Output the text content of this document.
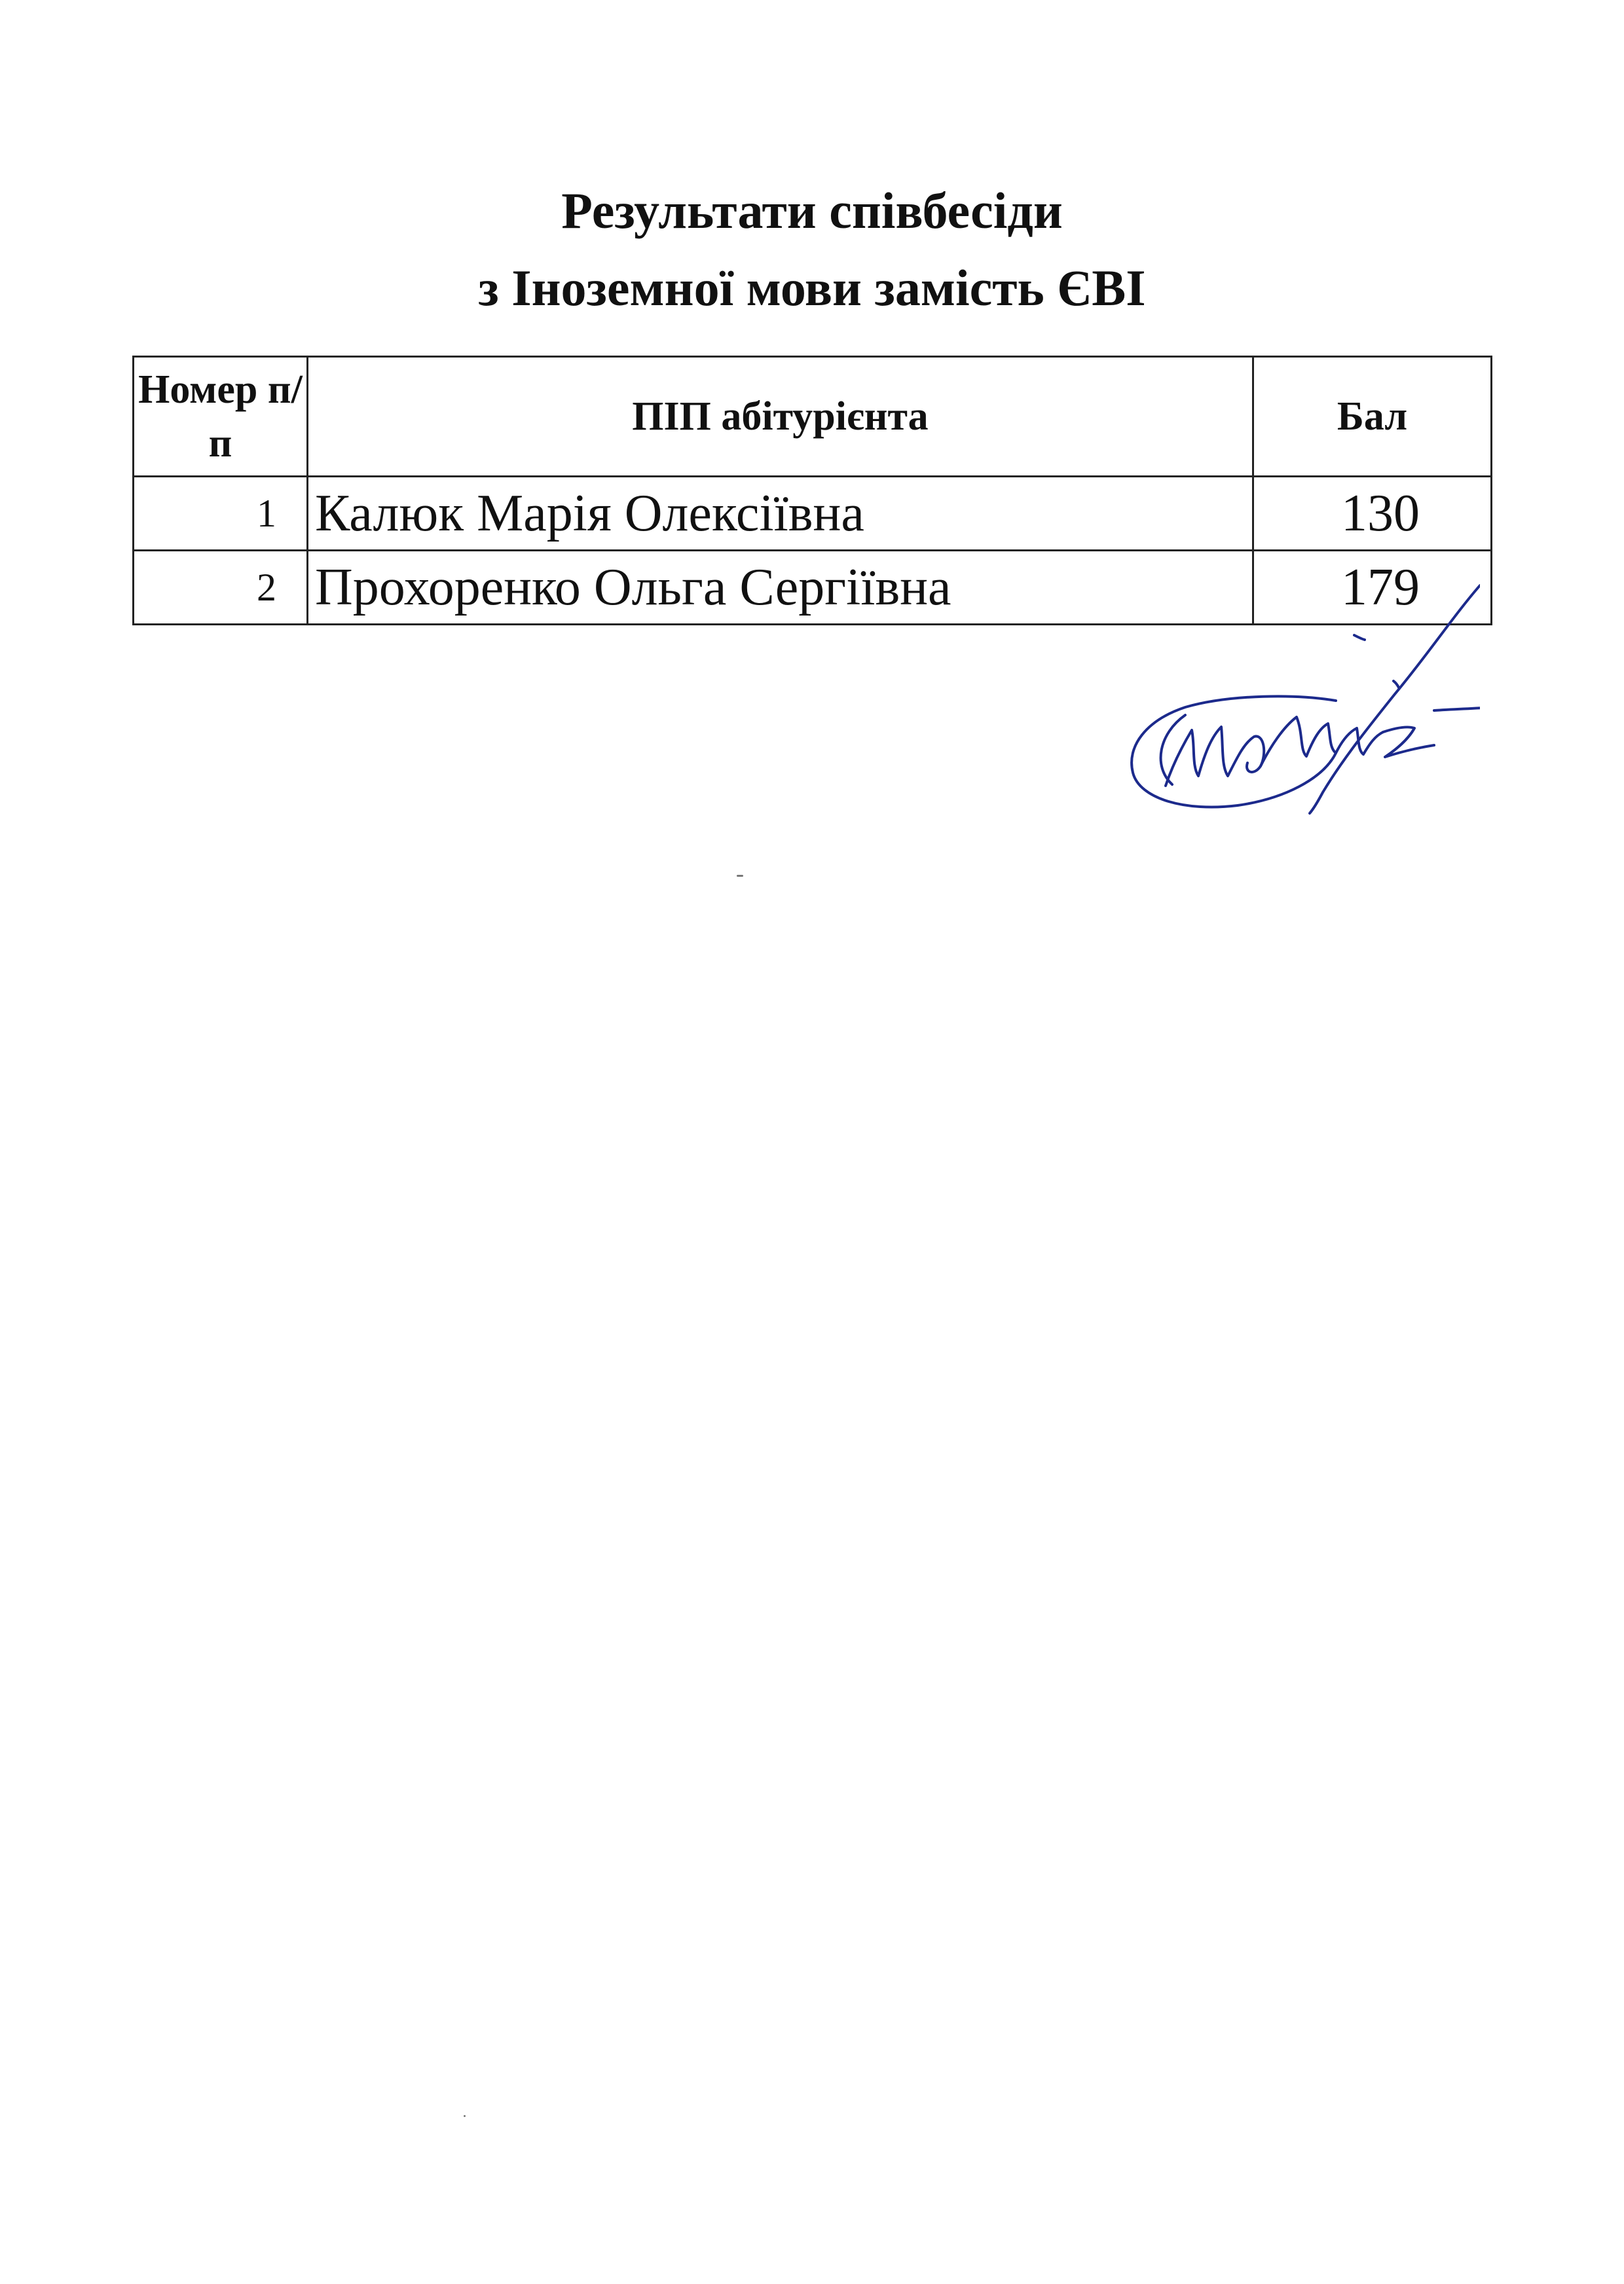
Результати співбесіди
з Іноземної мови замість ЄВІ
Номер п/п	ПІП абітурієнта	Бал
1	Калюк Марія Олексіївна	130
2	Прохоренко Ольга Сергіївна	179
